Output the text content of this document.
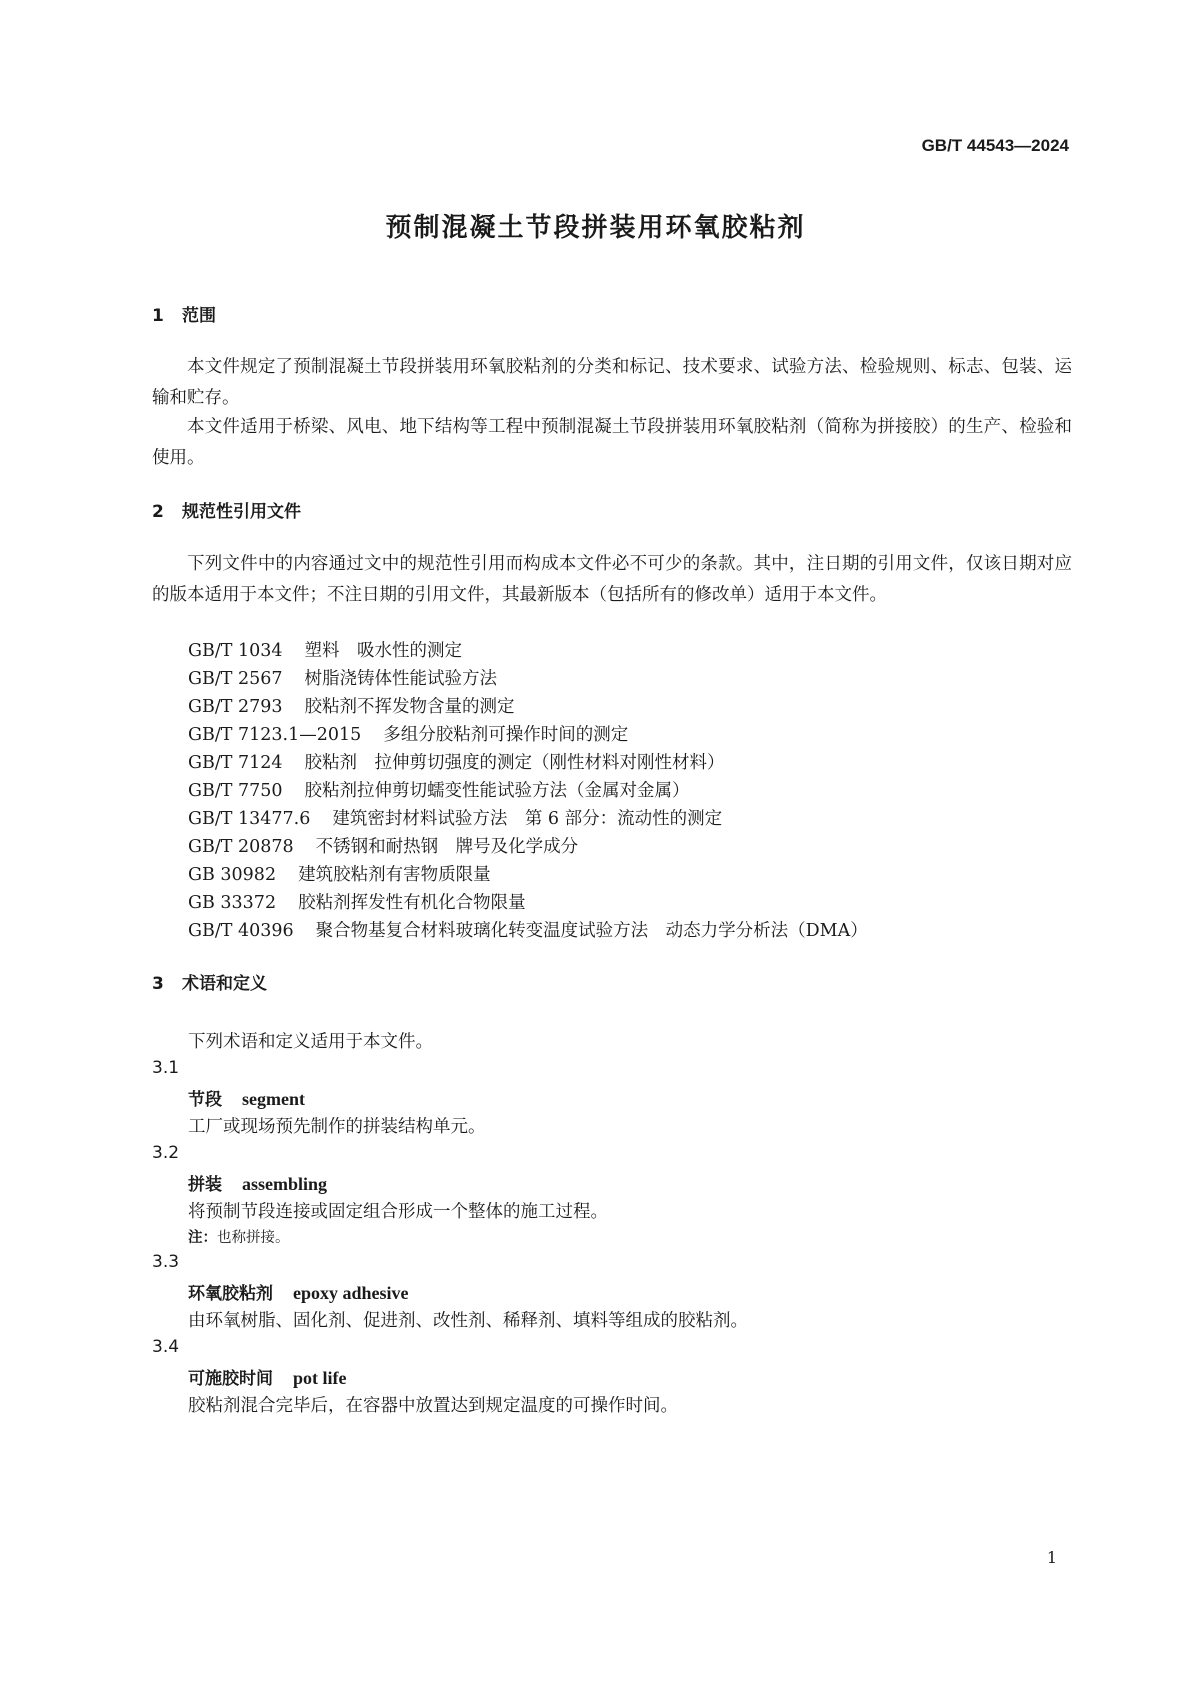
GB/T 44543—2024
预制混凝土节段拼装用环氧胶粘剂
1 范围

本文件规定了预制混凝土节段拼装用环氧胶粘剂的分类和标记、技术要求、试验方法、检验规则、标志、包装、运输和贮存。

本文件适用于桥梁、风电、地下结构等工程中预制混凝土节段拼装用环氧胶粘剂（简称为拼接胶）的生产、检验和使用。

2 规范性引用文件

下列文件中的内容通过文中的规范性引用而构成本文件必不可少的条款。其中，注日期的引用文件，仅该日期对应的版本适用于本文件；不注日期的引用文件，其最新版本（包括所有的修改单）适用于本文件。

GB/T 1034 塑料　吸水性的测定
GB/T 2567 树脂浇铸体性能试验方法
GB/T 2793 胶粘剂不挥发物含量的测定
GB/T 7123.1—2015 多组分胶粘剂可操作时间的测定
GB/T 7124 胶粘剂　拉伸剪切强度的测定（刚性材料对刚性材料）
GB/T 7750 胶粘剂拉伸剪切蠕变性能试验方法（金属对金属）
GB/T 13477.6 建筑密封材料试验方法　第 6 部分：流动性的测定
GB/T 20878 不锈钢和耐热钢　牌号及化学成分
GB 30982 建筑胶粘剂有害物质限量
GB 33372 胶粘剂挥发性有机化合物限量
GB/T 40396 聚合物基复合材料玻璃化转变温度试验方法　动态力学分析法（DMA）
3 术语和定义
下列术语和定义适用于本文件。
3.1
节段 segment
工厂或现场预先制作的拼装结构单元。
3.2
拼装 assembling
将预制节段连接或固定组合形成一个整体的施工过程。
注：也称拼接。
3.3
环氧胶粘剂 epoxy adhesive
由环氧树脂、固化剂、促进剂、改性剂、稀释剂、填料等组成的胶粘剂。
3.4
可施胶时间 pot life
胶粘剂混合完毕后，在容器中放置达到规定温度的可操作时间。
1
